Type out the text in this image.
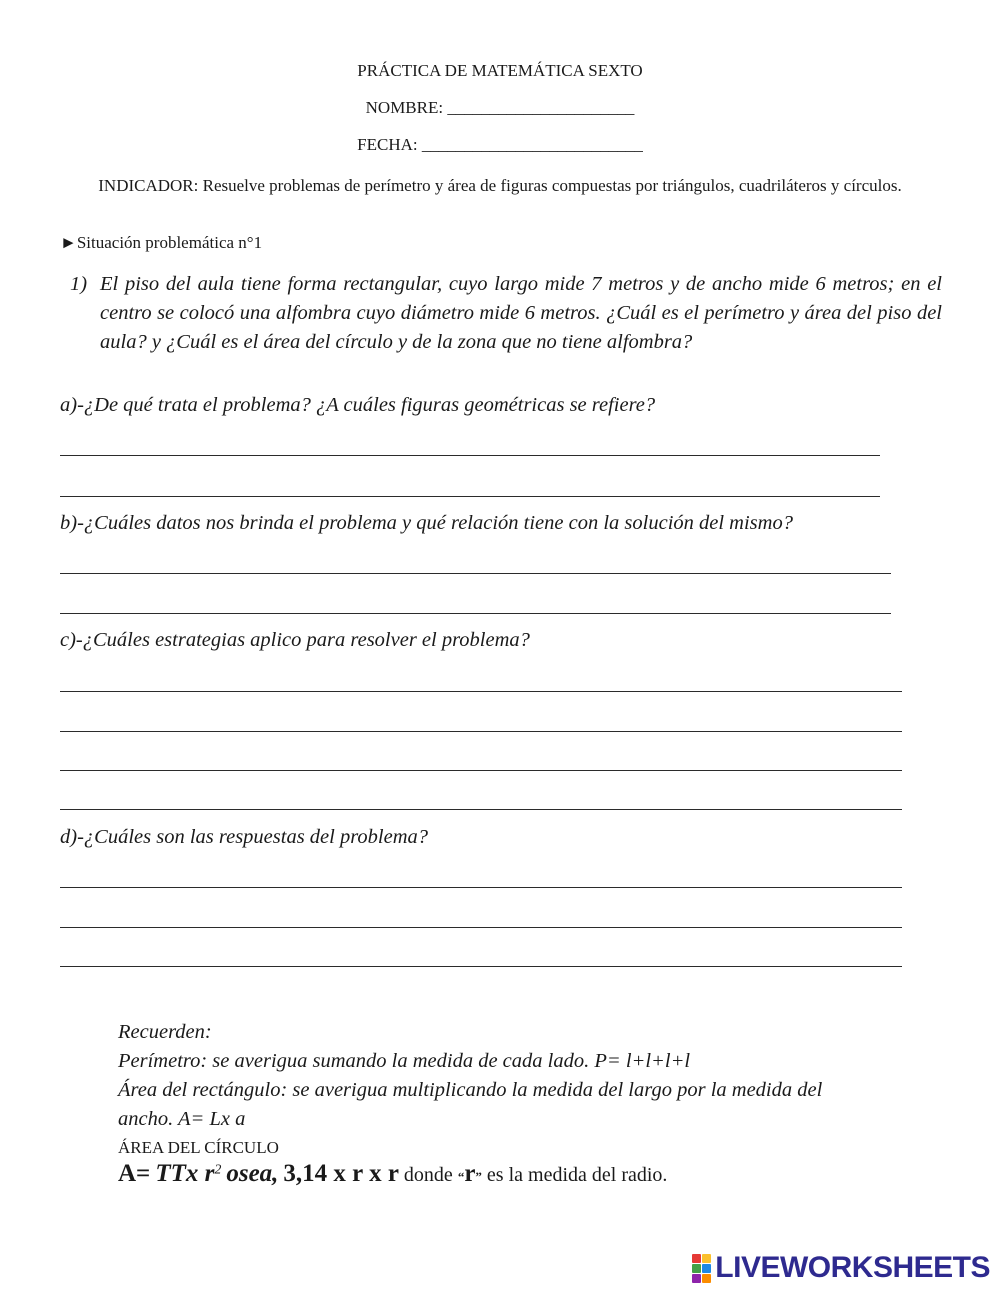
PRÁCTICA DE MATEMÁTICA SEXTO
NOMBRE: ______________________
FECHA: __________________________
INDICADOR: Resuelve problemas de perímetro y área de figuras compuestas por triángulos, cuadriláteros y círculos.
►Situación problemática n°1
1) El piso del aula tiene forma rectangular, cuyo largo mide 7 metros y de ancho mide 6 metros; en el centro se colocó una alfombra cuyo diámetro mide 6 metros. ¿Cuál es el perímetro y área del piso del aula? y ¿Cuál es el área del círculo y de la zona que no tiene alfombra?
a)-¿De qué trata el problema? ¿A cuáles figuras geométricas se refiere?
b)-¿Cuáles datos nos brinda el problema y qué relación tiene con la solución del mismo?
c)-¿Cuáles estrategias aplico para resolver el problema?
d)-¿Cuáles son las respuestas del problema?
Recuerden:
Perímetro: se averigua sumando la medida de cada lado. P= l+l+l+l
Área del rectángulo: se averigua multiplicando la medida del largo por la medida del
ancho. A= Lx a
ÁREA DEL CÍRCULO
A= TTx $r^2$ osea, 3,14 x r x r donde “r” es la medida del radio.
LIVEWORKSHEETS
